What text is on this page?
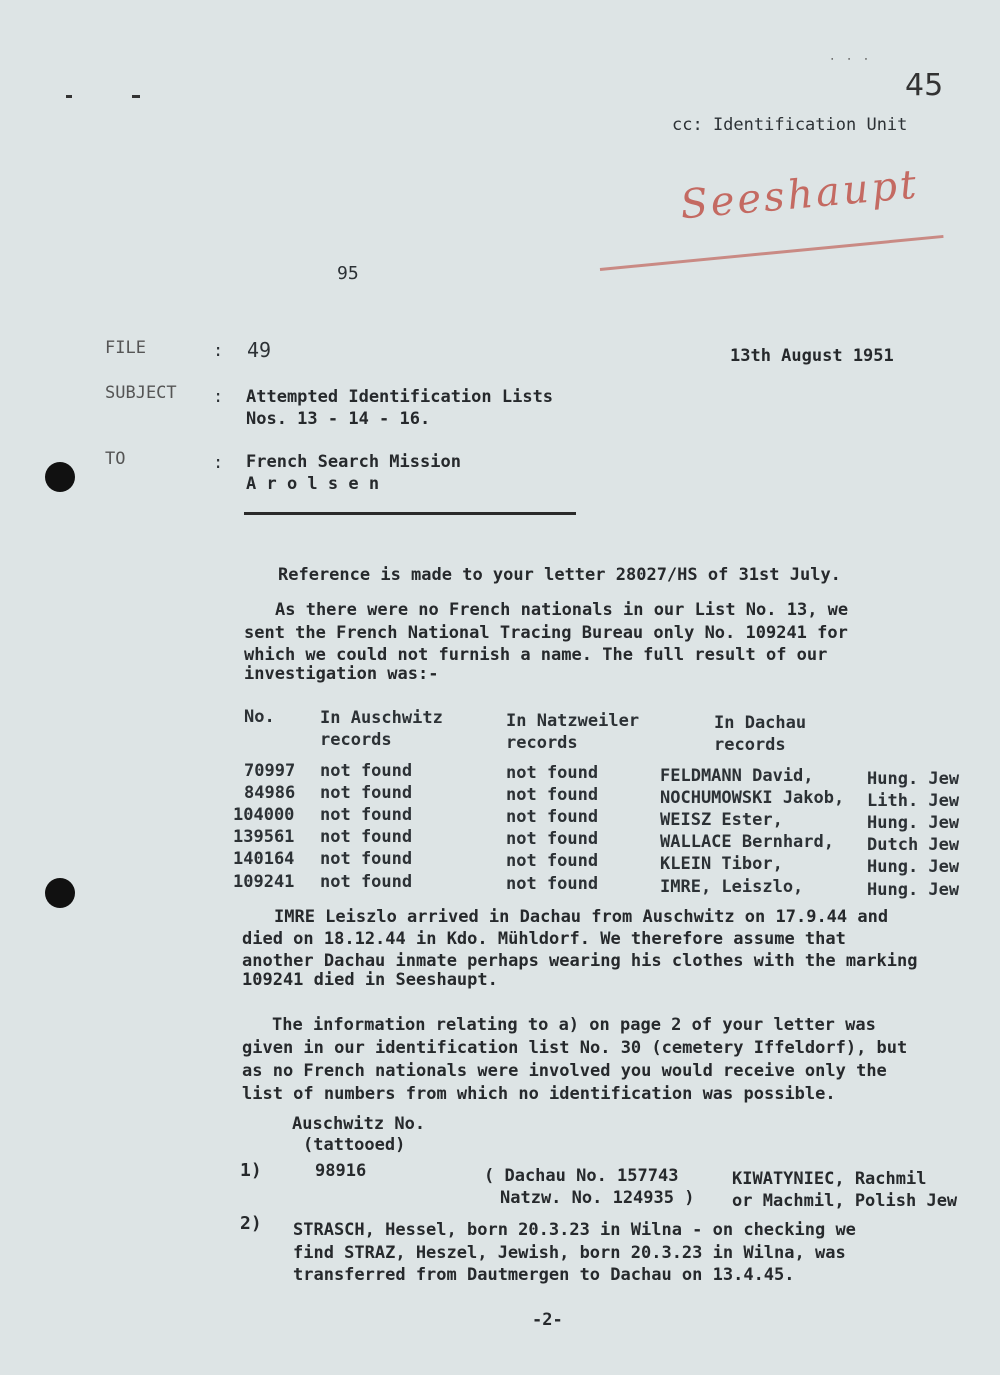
‧ ‧ ‧
45
cc: Identification Unit
Seeshaupt
95
FILE	: 49	13th August 1951
SUBJECT : Attempted Identification Lists
Nos. 13 - 14 - 16.
TO	: French Search Mission
A r o l s e n
Reference is made to your letter 28027/HS of 31st July.
As there were no French nationals in our List No. 13, we
sent the French National Tracing Bureau only No. 109241 for
which we could not furnish a name. The full result of our
investigation was:-
No.	In Auschwitz
records
In Natzweiler
records
In Dachau
records
70997 not found	not found	FELDMANN David,	Hung. Jew
84986 not found	not found	NOCHUMOWSKI Jakob, Lith. Jew
104000 not found	not found	WEISZ Ester,	Hung. Jew
139561 not found	not found	WALLACE Bernhard, Dutch Jew
140164 not found	not found	KLEIN Tibor,	Hung. Jew
109241 not found	not found	IMRE, Leiszlo,	Hung. Jew
IMRE Leiszlo arrived in Dachau from Auschwitz on 17.9.44 and
died on 18.12.44 in Kdo. Mühldorf. We therefore assume that
another Dachau inmate perhaps wearing his clothes with the marking
109241 died in Seeshaupt.
The information relating to a) on page 2 of your letter was
given in our identification list No. 30 (cemetery Iffeldorf), but
as no French nationals were involved you would receive only the
list of numbers from which no identification was possible.
Auschwitz No.
(tattooed)
1)	98916	( Dachau No. 157743
Natzw. No. 124935 )
KIWATYNIEC, Rachmil
or Machmil, Polish Jew
2) STRASCH, Hessel, born 20.3.23 in Wilna - on checking we
find STRAZ, Heszel, Jewish, born 20.3.23 in Wilna, was
transferred from Dautmergen to Dachau on 13.4.45.
-2-
